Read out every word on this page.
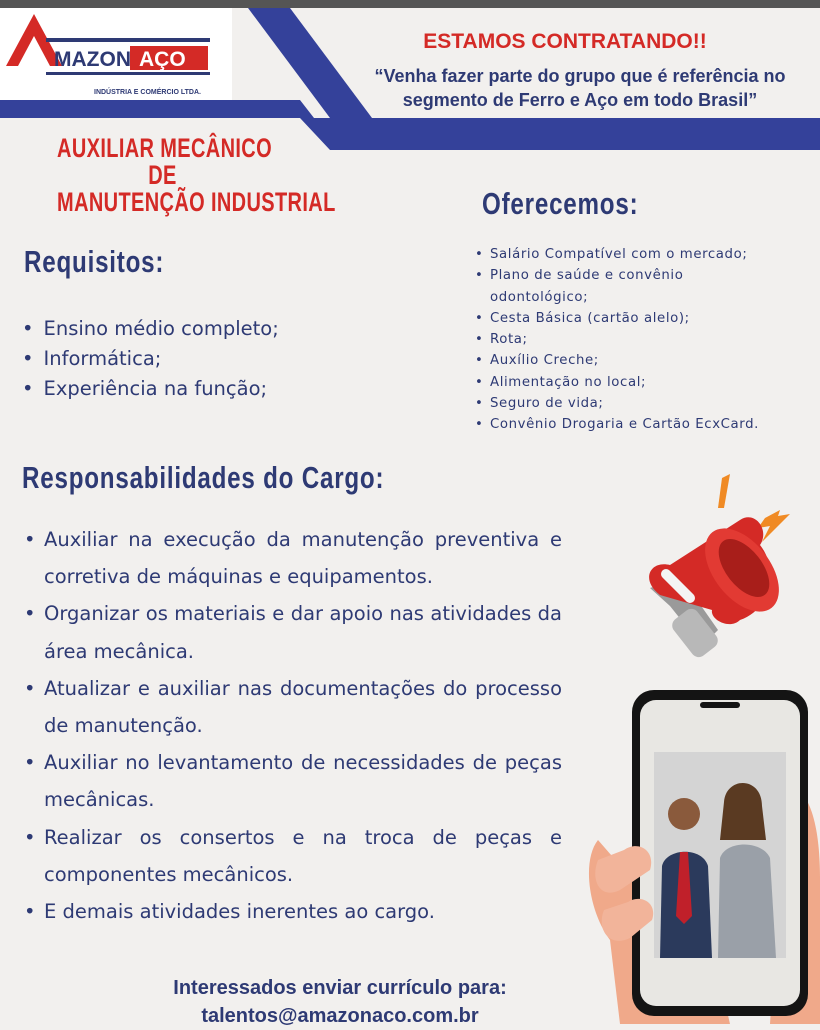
MAZON AÇO
INDÚSTRIA E COMÉRCIO LTDA.
ESTAMOS CONTRATANDO!!
“Venha fazer parte do grupo que é referência no segmento de Ferro e Aço em todo Brasil”
AUXILIAR MECÂNICO
DE
MANUTENÇÃO INDUSTRIAL	Oferecemos:
• Salário Compatível com o mercado;
• Plano de saúde e convênio
odontológico;
• Cesta Básica (cartão alelo);
• Rota;
• Auxílio Creche;
• Alimentação no local;
• Seguro de vida;
• Convênio Drogaria e Cartão EcxCard.
Requisitos:
• Ensino médio completo;
• Informática;
• Experiência na função;
Responsabilidades do Cargo:
• Auxiliar na execução da manutenção preventiva e corretiva de máquinas e equipamentos.
• Organizar os materiais e dar apoio nas atividades da área mecânica.
• Atualizar e auxiliar nas documentações do processo de manutenção.
• Auxiliar no levantamento de necessidades de peças mecânicas.
• Realizar os consertos e na troca de peças e componentes mecânicos.
• E demais atividades inerentes ao cargo.
Interessados enviar currículo para:
talentos@amazonaco.com.br
